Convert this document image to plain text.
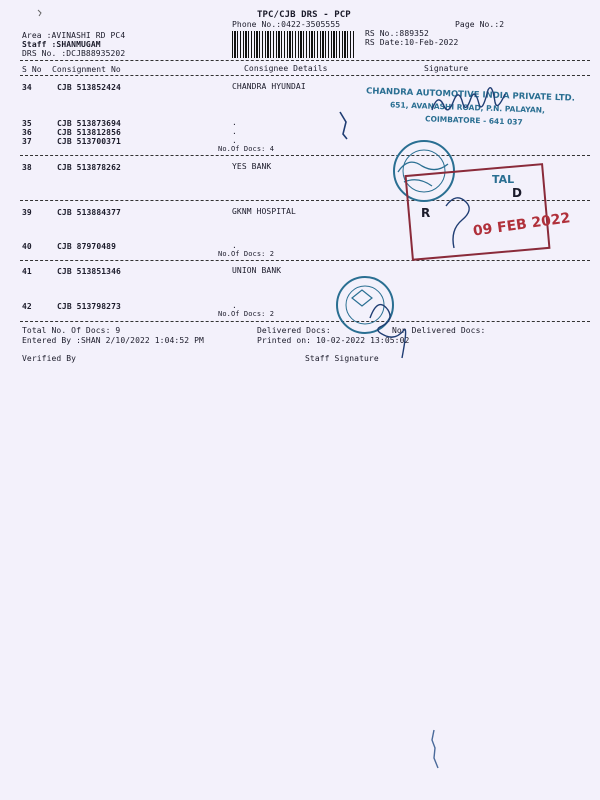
TPC/CJB DRS - PCP
Phone No.:0422-3505555	Page No.:2
Area :AVINASHI RD PC4
Staff :SHANMUGAM
DRS No. :DCJB88935202
RS No.:889352
RS Date:10-Feb-2022
S No Consignment No	Consignee Details	Signature
34	CJB 513852424	CHANDRA HYUNDAI
35	CJB 513873694	.
36	CJB 513812856	.
37	CJB 513700371	.
No.Of Docs: 4
38	CJB 513878262	YES BANK
39	CJB 513884377	GKNM HOSPITAL
40	CJB 87970489	.
No.Of Docs: 2
41	CJB 513851346	UNION BANK
42	CJB 513798273	.
No.Of Docs: 2
Total No. Of Docs: 9	Delivered Docs:	Non Delivered Docs:
Entered By :SHAN 2/10/2022 1:04:52 PM	Printed on: 10-02-2022 13:05:02
Verified By	Staff Signature
CHANDRA AUTOMOTIVE INDIA PRIVATE LTD.
651, AVANASHI ROAD, P.N. PALAYAN,
COIMBATORE - 641 037
09 FEB 2022
TAL
D
R
